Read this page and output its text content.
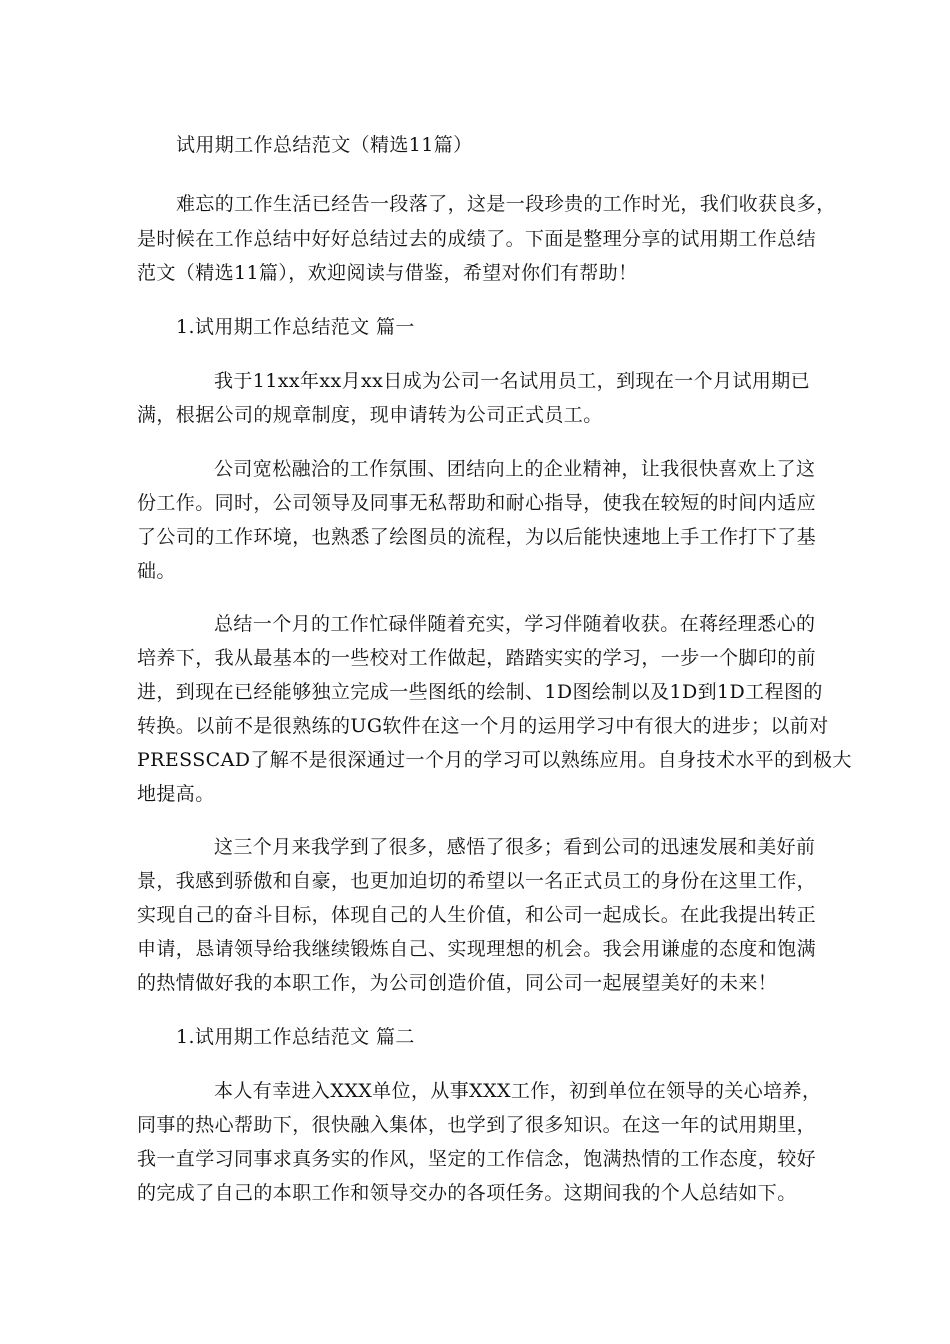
试用期工作总结范文（精选11篇）
难忘的工作生活已经告一段落了，这是一段珍贵的工作时光，我们收获良多，
是时候在工作总结中好好总结过去的成绩了。下面是整理分享的试用期工作总结
范文（精选11篇），欢迎阅读与借鉴，希望对你们有帮助！
1.试用期工作总结范文 篇一
我于11xx年xx月xx日成为公司一名试用员工，到现在一个月试用期已
满，根据公司的规章制度，现申请转为公司正式员工。
公司宽松融洽的工作氛围、团结向上的企业精神，让我很快喜欢上了这
份工作。同时，公司领导及同事无私帮助和耐心指导，使我在较短的时间内适应
了公司的工作环境，也熟悉了绘图员的流程，为以后能快速地上手工作打下了基
础。
总结一个月的工作忙碌伴随着充实，学习伴随着收获。在蒋经理悉心的
培养下，我从最基本的一些校对工作做起，踏踏实实的学习，一步一个脚印的前
进，到现在已经能够独立完成一些图纸的绘制、1D图绘制以及1D到1D工程图的
转换。以前不是很熟练的UG软件在这一个月的运用学习中有很大的进步；以前对
PRESSCAD了解不是很深通过一个月的学习可以熟练应用。自身技术水平的到极大
地提高。
这三个月来我学到了很多，感悟了很多；看到公司的迅速发展和美好前
景，我感到骄傲和自豪，也更加迫切的希望以一名正式员工的身份在这里工作，
实现自己的奋斗目标，体现自己的人生价值，和公司一起成长。在此我提出转正
申请，恳请领导给我继续锻炼自己、实现理想的机会。我会用谦虚的态度和饱满
的热情做好我的本职工作，为公司创造价值，同公司一起展望美好的未来！
1.试用期工作总结范文 篇二
本人有幸进入XXX单位，从事XXX工作，初到单位在领导的关心培养，
同事的热心帮助下，很快融入集体，也学到了很多知识。在这一年的试用期里，
我一直学习同事求真务实的作风，坚定的工作信念，饱满热情的工作态度，较好
的完成了自己的本职工作和领导交办的各项任务。这期间我的个人总结如下。
